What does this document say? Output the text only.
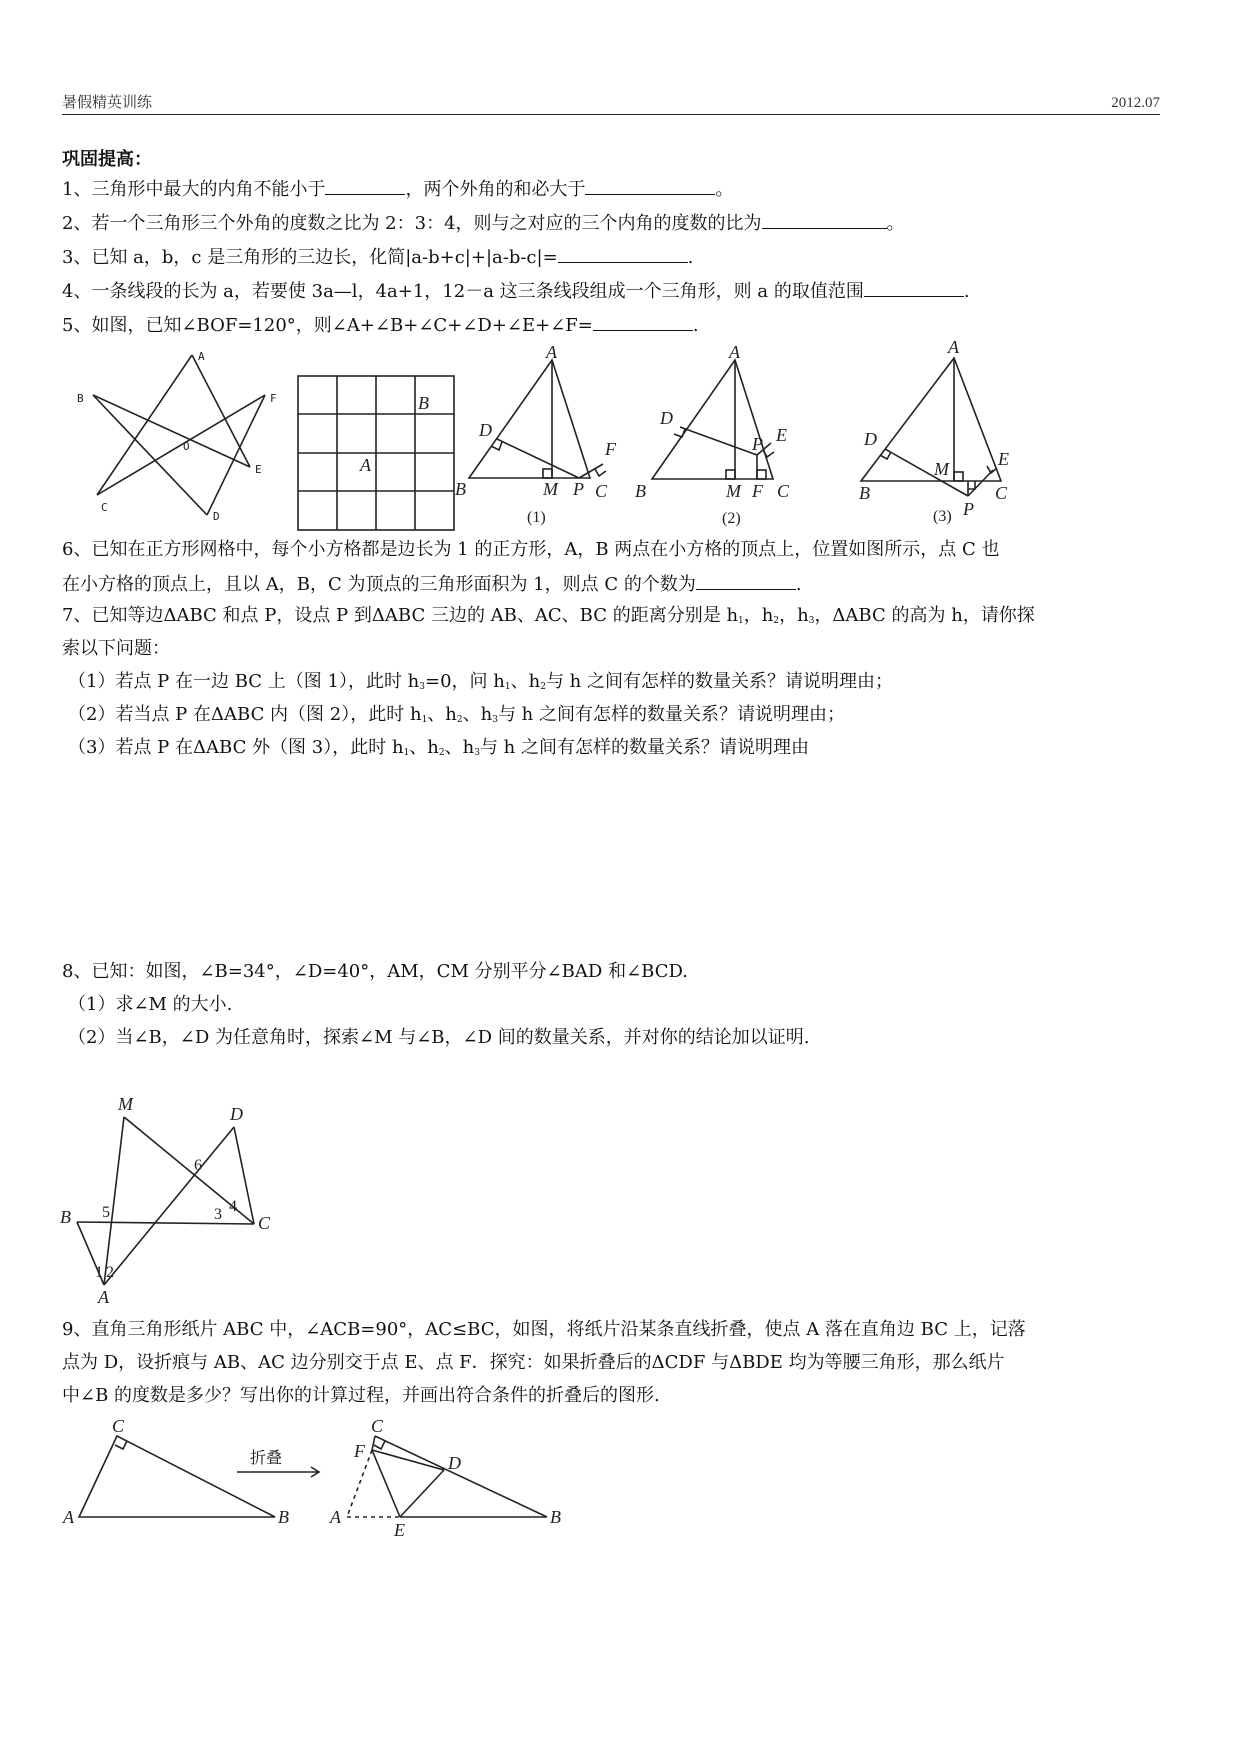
暑假精英训练	2012.07
巩固提高：
1、三角形中最大的内角不能小于	，两个外角的和必大于	。
2、若一个三角形三个外角的度数之比为 2：3：4，则与之对应的三个内角的度数的比为	。
3、已知 a，b，c 是三角形的三边长，化简|a-b+c|+|a-b-c|=	.
4、一条线段的长为 a，若要使 3a—l，4a+1，12－a 这三条线段组成一个三角形，则 a 的取值范围	.
5、如图，已知∠BOF=120°，则∠A+∠B+∠C+∠D+∠E+∠F=	.
A
B
C
D
E
F
O
A
B
A
B	C
D
F
M P
(1)
A
B	C
D
E
F
M
P
(2)
A
B	C
D
E
M
P
(3)
6、已知在正方形网格中，每个小方格都是边长为 1 的正方形，A，B 两点在小方格的顶点上，位置如图所示，点 C 也
在小方格的顶点上，且以 A，B，C 为顶点的三角形面积为 1，则点 C 的个数为	.
7、已知等边ΔABC 和点 P，设点 P 到ΔABC 三边的 AB、AC、BC 的距离分别是 $h_1$，$h_2$，$h_3$，ΔABC 的高为 h，请你探
索以下问题：
（1）若点 P 在一边 BC 上（图 1），此时 $h_3=0$，问 $h_1$、$h_2$与 h 之间有怎样的数量关系？请说明理由；
（2）若当点 P 在ΔABC 内（图 2），此时 $h_1$、$h_2$、$h_3$与 h 之间有怎样的数量关系？请说明理由；
（3）若点 P 在ΔABC 外（图 3），此时 $h_1$、$h_2$、$h_3$与 h 之间有怎样的数量关系？请说明理由
8、已知：如图，∠B=34°，∠D=40°，AM，CM 分别平分∠BAD 和∠BCD.
（1）求∠M 的大小.
（2）当∠B，∠D 为任意角时，探索∠M 与∠B，∠D 间的数量关系，并对你的结论加以证明.
M	D
B	C
A
1 2
3 4
5
6
9、直角三角形纸片 ABC 中，∠ACB=90°，AC≤BC，如图，将纸片沿某条直线折叠，使点 A 落在直角边 BC 上，记落
点为 D，设折痕与 AB、AC 边分别交于点 E、点 F．探究：如果折叠后的ΔCDF 与ΔBDE 均为等腰三角形，那么纸片
中∠B 的度数是多少？写出你的计算过程，并画出符合条件的折叠后的图形.
C
A	B
折叠
C
F
D
A
E
B
